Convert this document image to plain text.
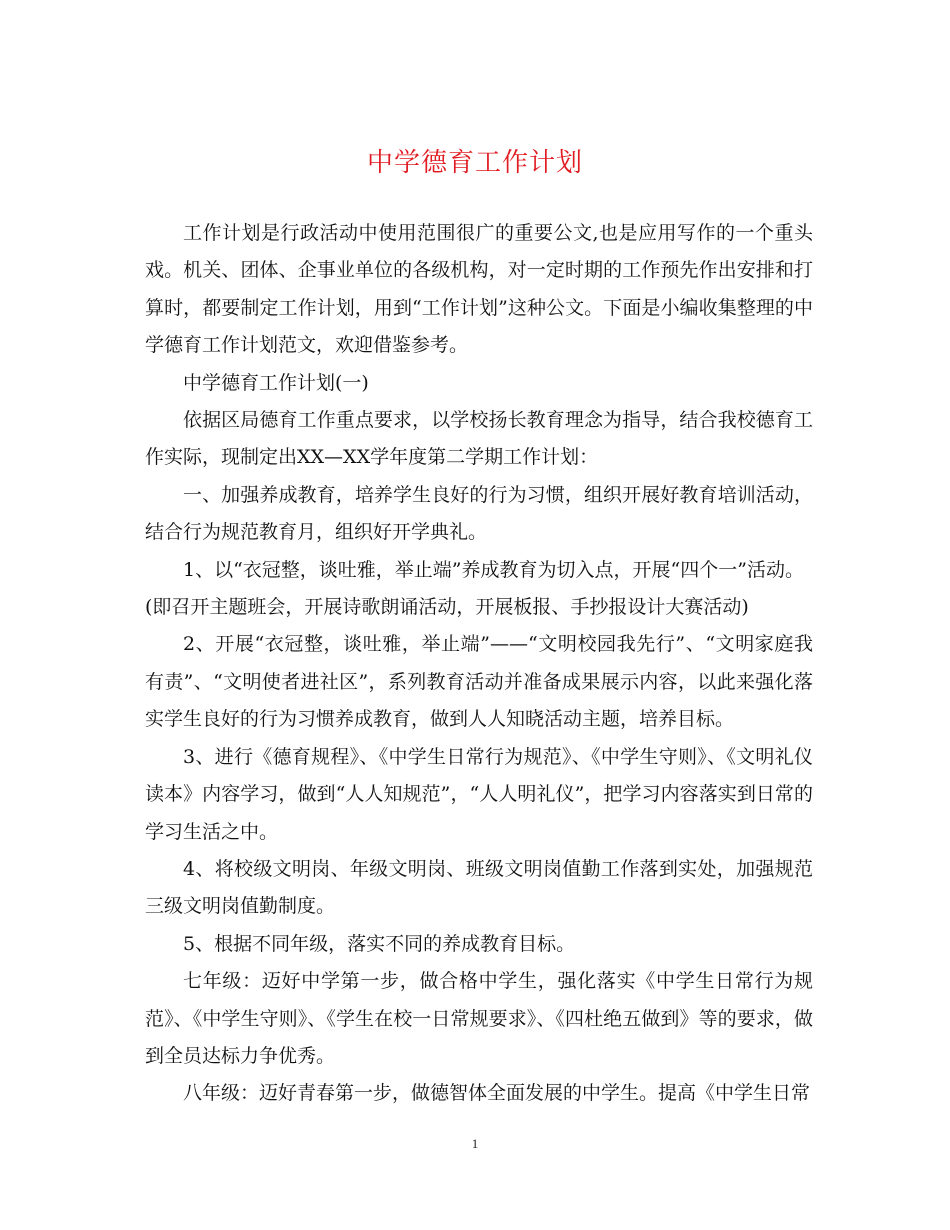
中学德育工作计划

工作计划是行政活动中使用范围很广的重要公文,也是应用写作的一个重头戏。机关、团体、企事业单位的各级机构，对一定时期的工作预先作出安排和打算时，都要制定工作计划，用到“工作计划”这种公文。下面是小编收集整理的中学德育工作计划范文，欢迎借鉴参考。

中学德育工作计划(一)

依据区局德育工作重点要求，以学校扬长教育理念为指导，结合我校德育工作实际，现制定出XX—XX学年度第二学期工作计划：

一、加强养成教育，培养学生良好的行为习惯，组织开展好教育培训活动，结合行为规范教育月，组织好开学典礼。

1、以“衣冠整，谈吐雅，举止端”养成教育为切入点，开展“四个一”活动。

(即召开主题班会，开展诗歌朗诵活动，开展板报、手抄报设计大赛活动)

2、开展“衣冠整，谈吐雅，举止端”——“文明校园我先行”、“文明家庭我有责”、“文明使者进社区”，系列教育活动并准备成果展示内容，以此来强化落实学生良好的行为习惯养成教育，做到人人知晓活动主题，培养目标。

3、进行《德育规程》、《中学生日常行为规范》、《中学生守则》、《文明礼仪读本》内容学习，做到“人人知规范”，“人人明礼仪”，把学习内容落实到日常的学习生活之中。

4、将校级文明岗、年级文明岗、班级文明岗值勤工作落到实处，加强规范三级文明岗值勤制度。

5、根据不同年级，落实不同的养成教育目标。

七年级：迈好中学第一步，做合格中学生，强化落实《中学生日常行为规范》、《中学生守则》、《学生在校一日常规要求》、《四杜绝五做到》等的要求，做到全员达标力争优秀。

八年级：迈好青春第一步，做德智体全面发展的中学生。提高《中学生日常

1
